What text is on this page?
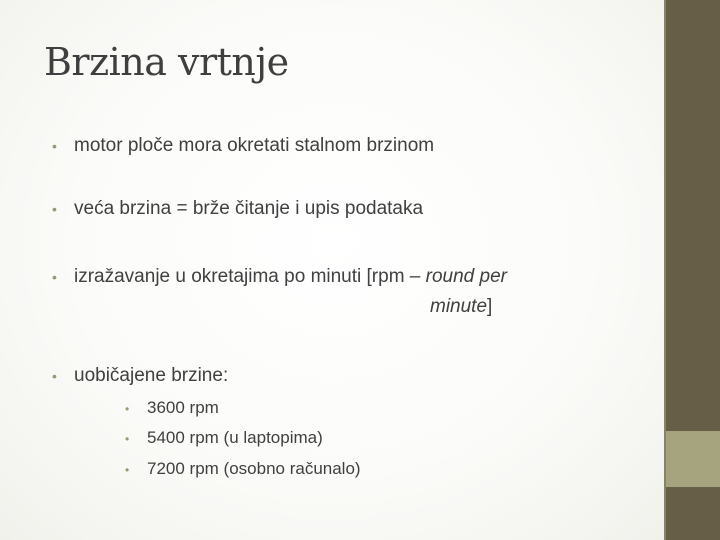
Brzina vrtnje
• motor ploče mora okretati stalnom brzinom
• veća brzina = brže čitanje i upis podataka
• izražavanje u okretajima po minuti [rpm – round per
minute]
• uobičajene brzine:
• 3600 rpm
• 5400 rpm (u laptopima)
• 7200 rpm (osobno računalo)
